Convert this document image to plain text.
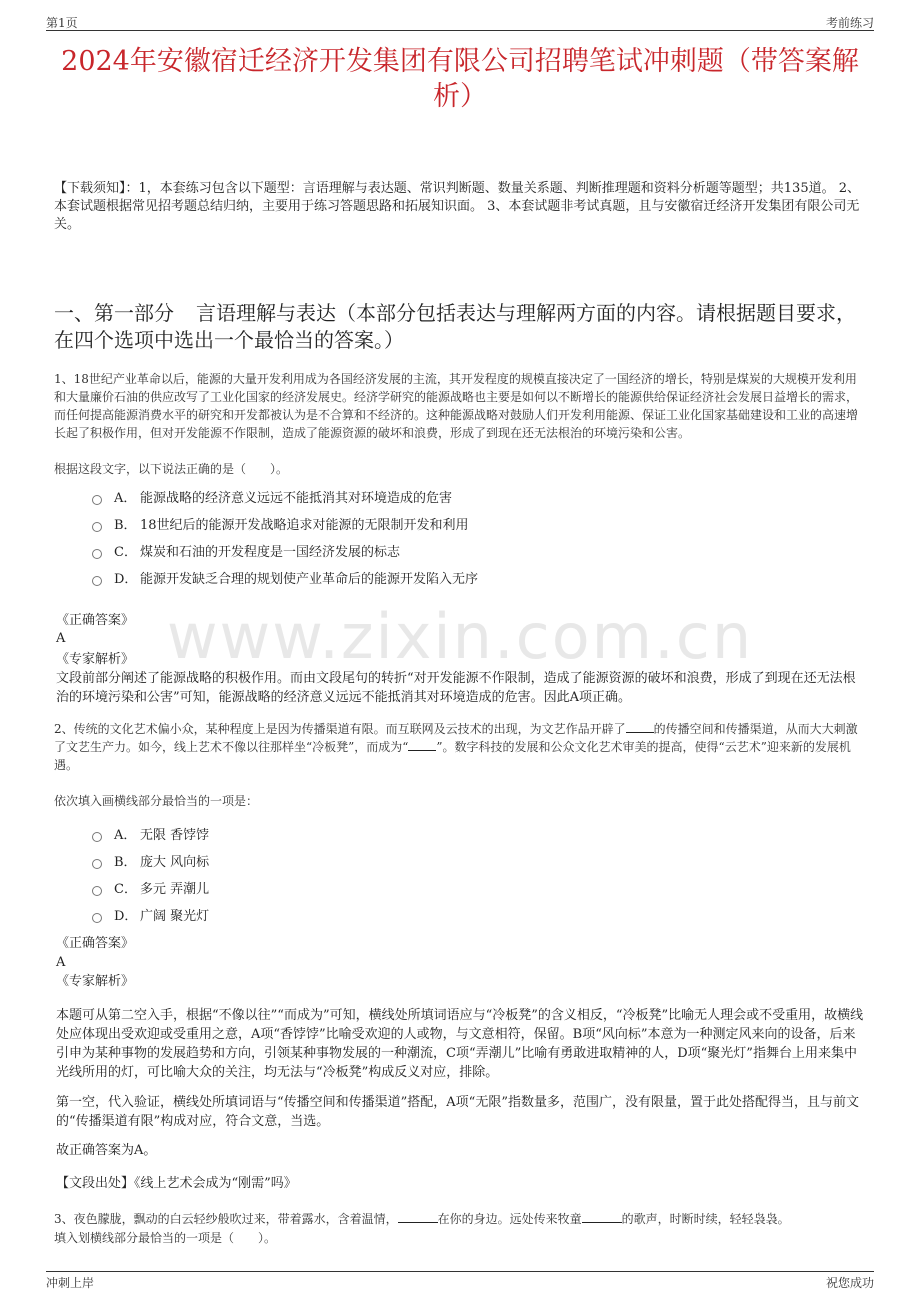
第1页	考前练习
2024年安徽宿迁经济开发集团有限公司招聘笔试冲刺题（带答案解析）
【下载须知】：1，本套练习包含以下题型：言语理解与表达题、常识判断题、数量关系题、判断推理题和资料分析题等题型；共135道。 2、本套试题根据常见招考题总结归纳，主要用于练习答题思路和拓展知识面。 3、本套试题非考试真题，且与安徽宿迁经济开发集团有限公司无关。
一、第一部分 言语理解与表达（本部分包括表达与理解两方面的内容。请根据题目要求，在四个选项中选出一个最恰当的答案。）
1、18世纪产业革命以后，能源的大量开发利用成为各国经济发展的主流，其开发程度的规模直接决定了一国经济的增长，特别是煤炭的大规模开发利用和大量廉价石油的供应改写了工业化国家的经济发展史。经济学研究的能源战略也主要是如何以不断增长的能源供给保证经济社会发展日益增长的需求，而任何提高能源消费水平的研究和开发都被认为是不合算和不经济的。这种能源战略对鼓励人们开发利用能源、保证工业化国家基础建设和工业的高速增长起了积极作用，但对开发能源不作限制，造成了能源资源的破坏和浪费，形成了到现在还无法根治的环境污染和公害。
根据这段文字，以下说法正确的是（　　）。
A． 能源战略的经济意义远远不能抵消其对环境造成的危害
B． 18世纪后的能源开发战略追求对能源的无限制开发和利用
C． 煤炭和石油的开发程度是一国经济发展的标志
D． 能源开发缺乏合理的规划使产业革命后的能源开发陷入无序
www.zixin.com.cn
《正确答案》
A
《专家解析》
文段前部分阐述了能源战略的积极作用。而由文段尾句的转折“对开发能源不作限制，造成了能源资源的破坏和浪费，形成了到现在还无法根治的环境污染和公害”可知，能源战略的经济意义远远不能抵消其对环境造成的危害。因此A项正确。
2、传统的文化艺术偏小众，某种程度上是因为传播渠道有限。而互联网及云技术的出现，为文艺作品开辟了 的传播空间和传播渠道，从而大大刺激了文艺生产力。如今，线上艺术不像以往那样坐“冷板凳”，而成为“ ”。数字科技的发展和公众文化艺术审美的提高，使得“云艺术”迎来新的发展机遇。
依次填入画横线部分最恰当的一项是：
A． 无限 香饽饽
B． 庞大 风向标
C． 多元 弄潮儿
D． 广阔 聚光灯
《正确答案》
A
《专家解析》
本题可从第二空入手，根据“不像以往”“而成为”可知，横线处所填词语应与“冷板凳”的含义相反，“冷板凳”比喻无人理会或不受重用，故横线处应体现出受欢迎或受重用之意，A项“香饽饽”比喻受欢迎的人或物，与文意相符，保留。B项“风向标”本意为一种测定风来向的设备，后来引申为某种事物的发展趋势和方向，引领某种事物发展的一种潮流，C项“弄潮儿”比喻有勇敢进取精神的人，D项“聚光灯”指舞台上用来集中光线所用的灯，可比喻大众的关注，均无法与“冷板凳”构成反义对应，排除。
第一空，代入验证，横线处所填词语与“传播空间和传播渠道”搭配，A项“无限”指数量多，范围广，没有限量，置于此处搭配得当，且与前文的“传播渠道有限”构成对应，符合文意，当选。
故正确答案为A。
【文段出处】《线上艺术会成为“刚需”吗》
3、夜色朦胧，飘动的白云轻纱般吹过来，带着露水，含着温情，	在你的身边。远处传来牧童	的歌声，时断时续，轻轻袅袅。
填入划横线部分最恰当的一项是（　　）。
冲刺上岸	祝您成功
